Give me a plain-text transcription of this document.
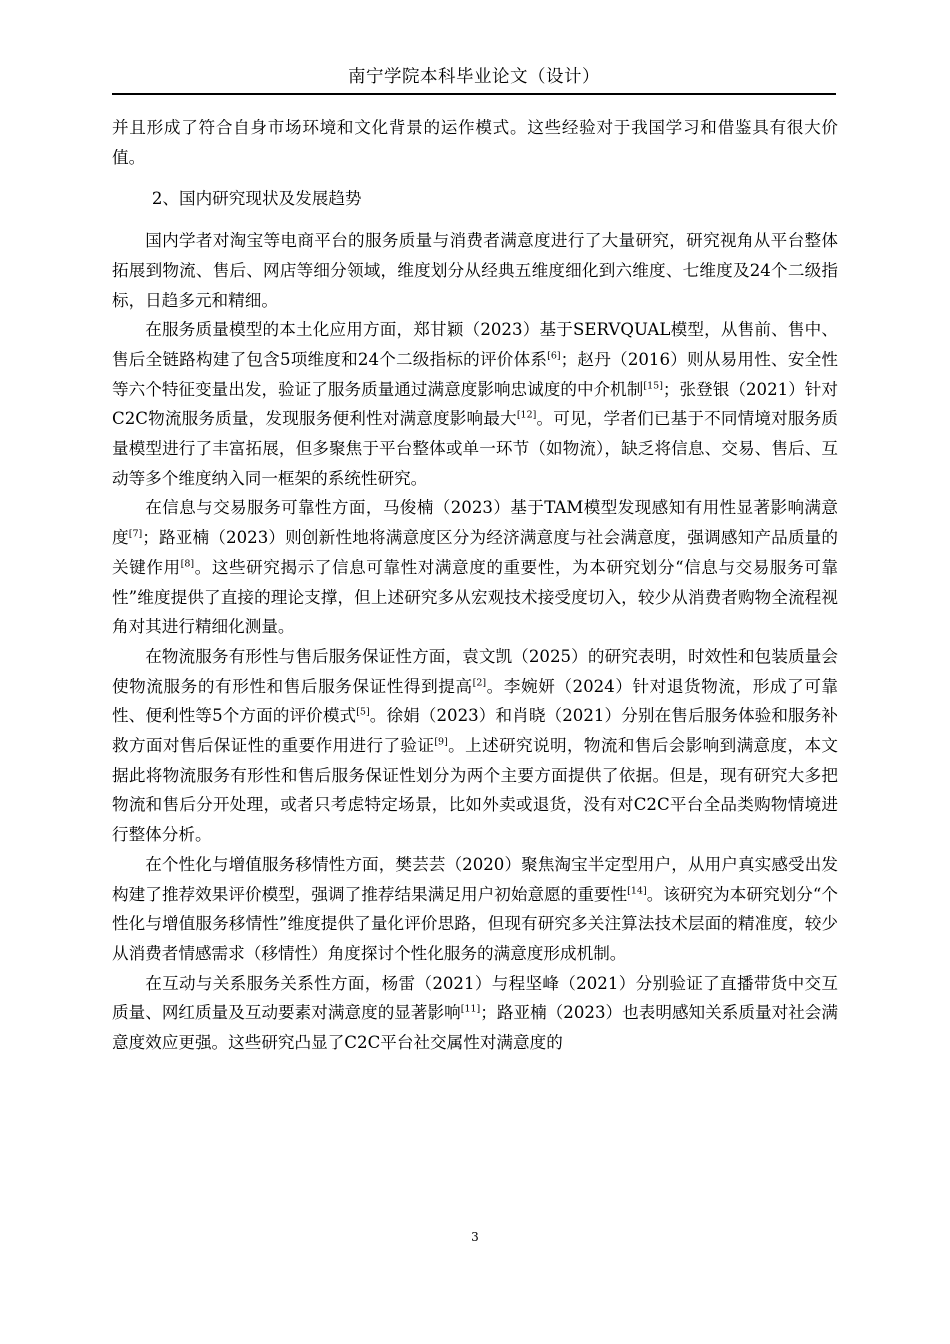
南宁学院本科毕业论文（设计）

并且形成了符合自身市场环境和文化背景的运作模式。这些经验对于我国学习和借鉴具有很大价值。

2、国内研究现状及发展趋势

国内学者对淘宝等电商平台的服务质量与消费者满意度进行了大量研究，研究视角从平台整体拓展到物流、售后、网店等细分领域，维度划分从经典五维度细化到六维度、七维度及24个二级指标，日趋多元和精细。

在服务质量模型的本土化应用方面，郑甘颖（2023）基于SERVQUAL模型，从售前、售中、售后全链路构建了包含5项维度和24个二级指标的评价体系[6]；赵丹（2016）则从易用性、安全性等六个特征变量出发，验证了服务质量通过满意度影响忠诚度的中介机制[15]；张登银（2021）针对C2C物流服务质量，发现服务便利性对满意度影响最大[12]。可见，学者们已基于不同情境对服务质量模型进行了丰富拓展，但多聚焦于平台整体或单一环节（如物流），缺乏将信息、交易、售后、互动等多个维度纳入同一框架的系统性研究。

在信息与交易服务可靠性方面，马俊楠（2023）基于TAM模型发现感知有用性显著影响满意度[7]；路亚楠（2023）则创新性地将满意度区分为经济满意度与社会满意度，强调感知产品质量的关键作用[8]。这些研究揭示了信息可靠性对满意度的重要性，为本研究划分“信息与交易服务可靠性”维度提供了直接的理论支撑，但上述研究多从宏观技术接受度切入，较少从消费者购物全流程视角对其进行精细化测量。

在物流服务有形性与售后服务保证性方面，袁文凯（2025）的研究表明，时效性和包装质量会使物流服务的有形性和售后服务保证性得到提高[2]。李婉妍（2024）针对退货物流，形成了可靠性、便利性等5个方面的评价模式[5]。徐娟（2023）和肖晓（2021）分别在售后服务体验和服务补救方面对售后保证性的重要作用进行了验证[9]。上述研究说明，物流和售后会影响到满意度，本文据此将物流服务有形性和售后服务保证性划分为两个主要方面提供了依据。但是，现有研究大多把物流和售后分开处理，或者只考虑特定场景，比如外卖或退货，没有对C2C平台全品类购物情境进行整体分析。

在个性化与增值服务移情性方面，樊芸芸（2020）聚焦淘宝半定型用户，从用户真实感受出发构建了推荐效果评价模型，强调了推荐结果满足用户初始意愿的重要性[14]。该研究为本研究划分“个性化与增值服务移情性”维度提供了量化评价思路，但现有研究多关注算法技术层面的精准度，较少从消费者情感需求（移情性）角度探讨个性化服务的满意度形成机制。

在互动与关系服务关系性方面，杨雷（2021）与程坚峰（2021）分别验证了直播带货中交互质量、网红质量及互动要素对满意度的显著影响[11]；路亚楠（2023）也表明感知关系质量对社会满意度效应更强。这些研究凸显了C2C平台社交属性对满意度的

3
